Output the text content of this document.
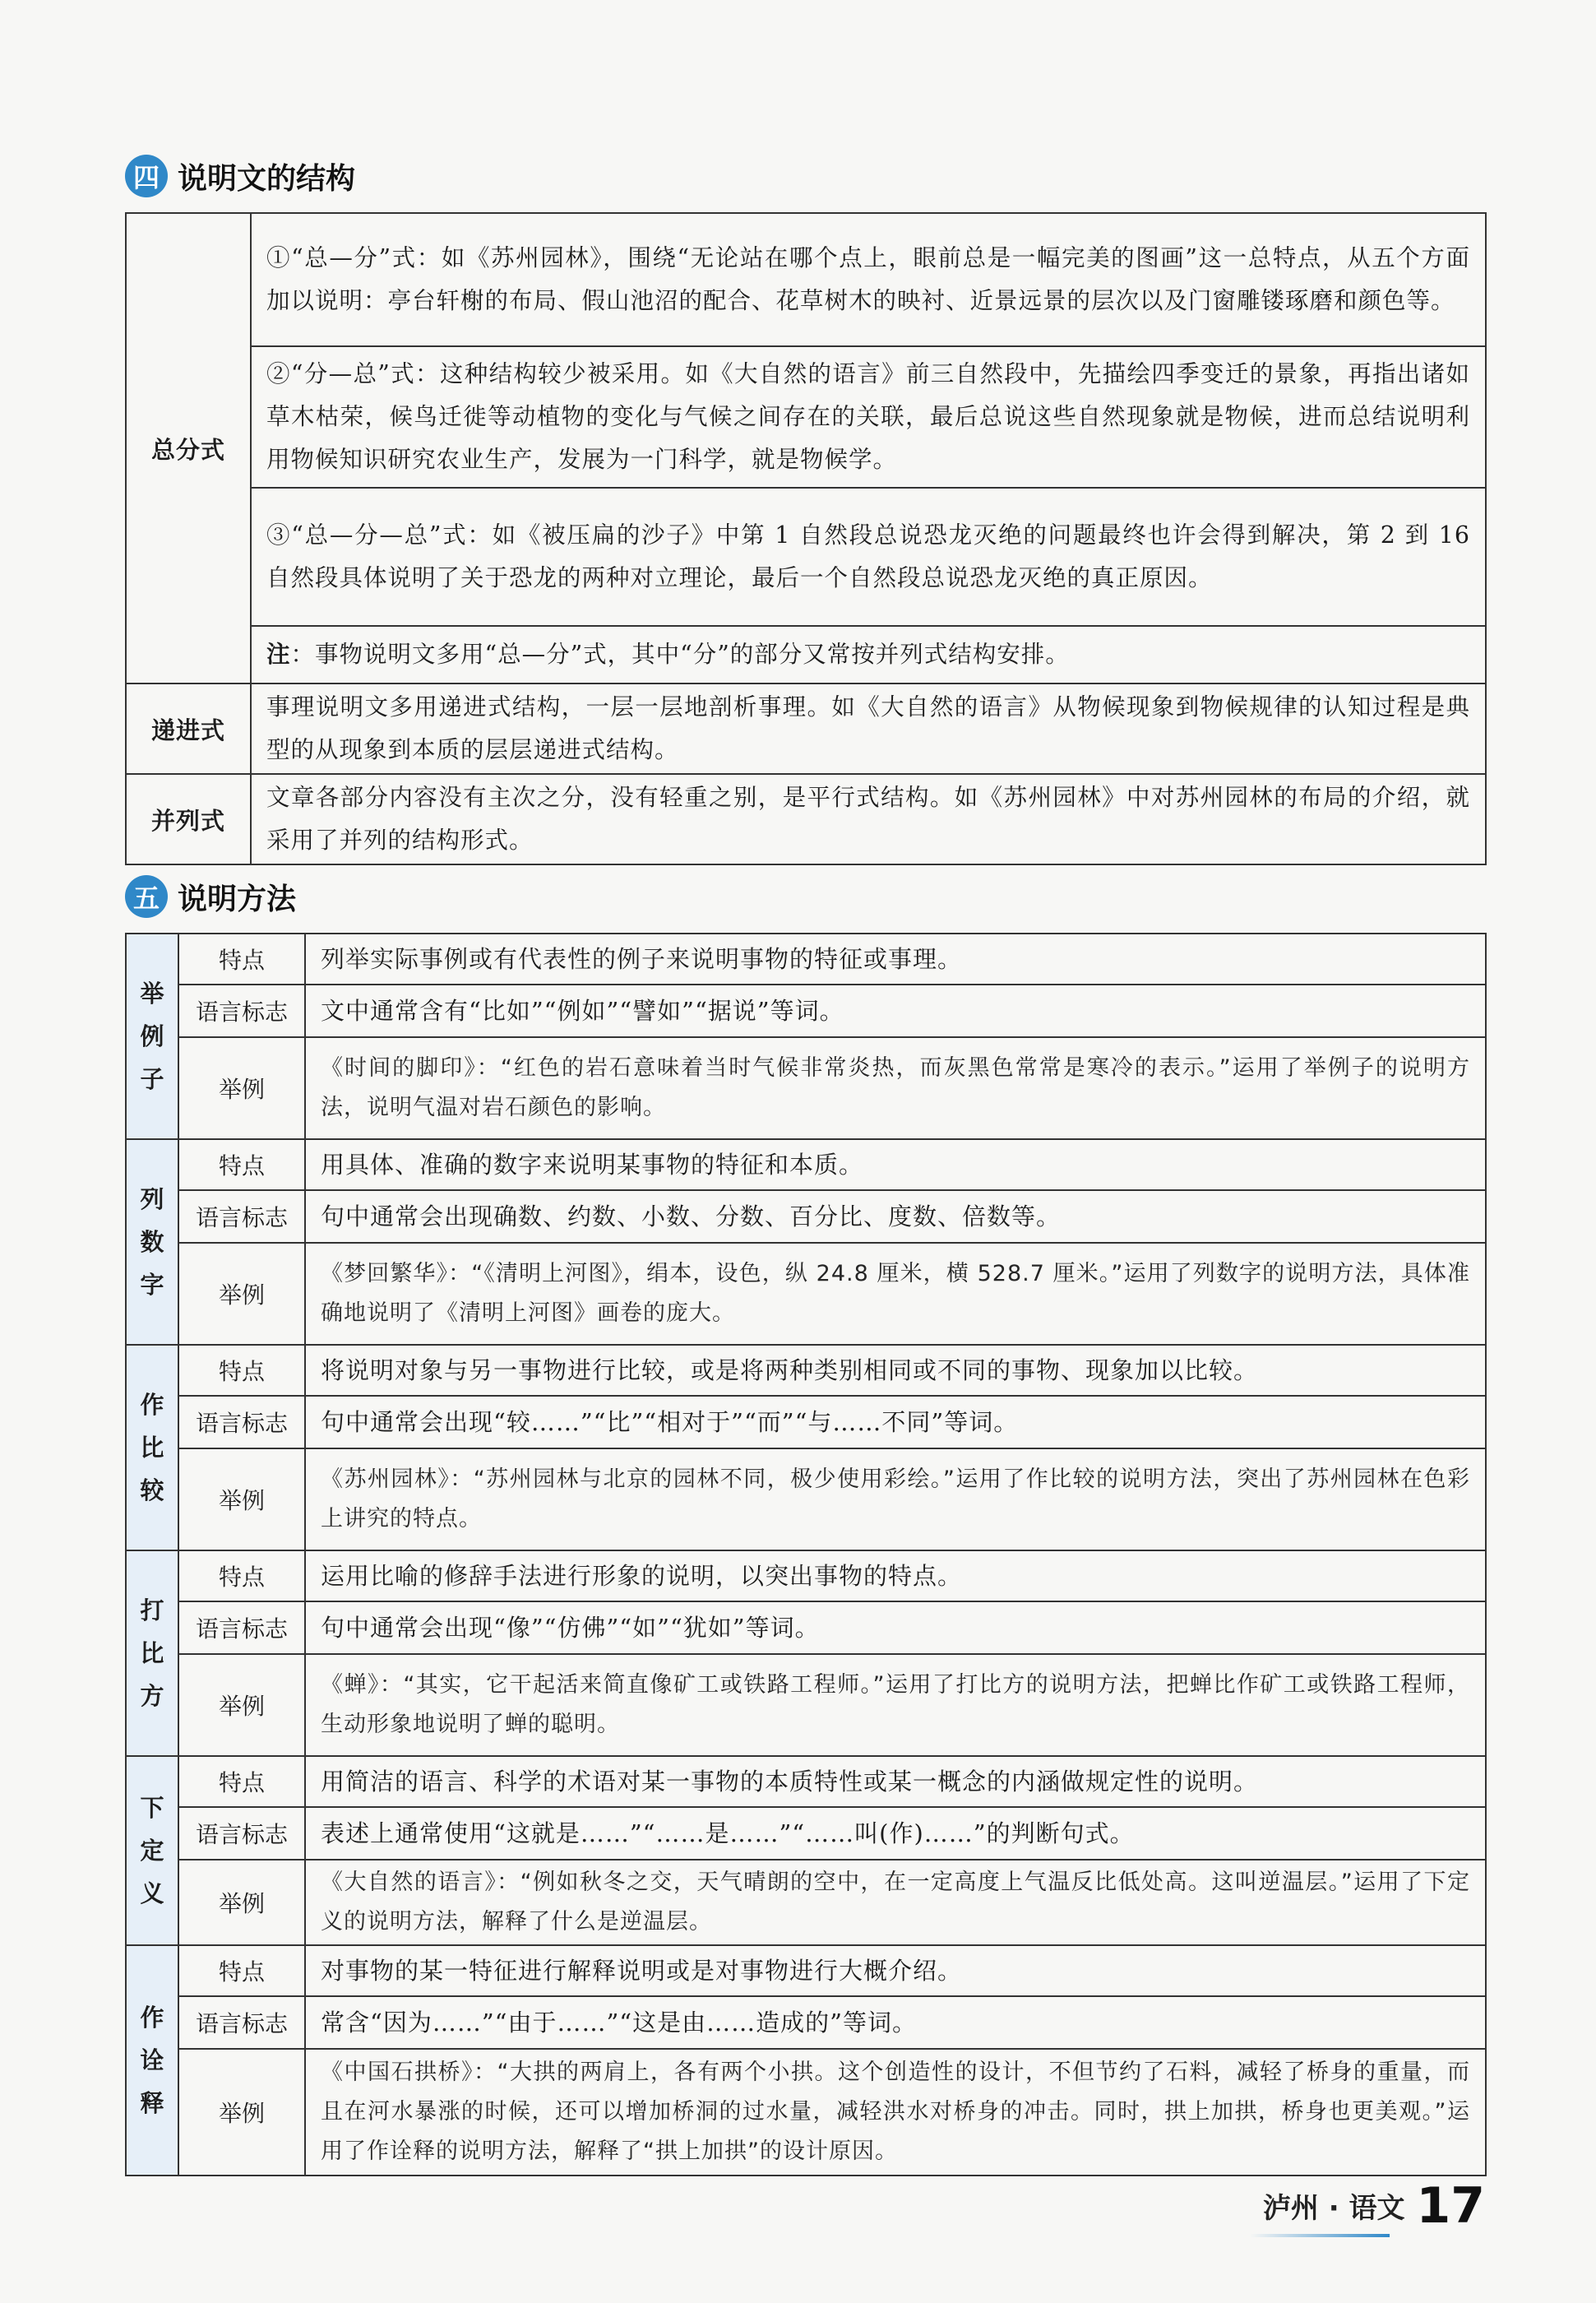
四 说明文的结构
总分式	①“总—分”式：如《苏州园林》，围绕“无论站在哪个点上，眼前总是一幅完美的图画”这一总特点，从五个方面加以说明：亭台轩榭的布局、假山池沼的配合、花草树木的映衬、近景远景的层次以及门窗雕镂琢磨和颜色等。
	②“分—总”式：这种结构较少被采用。如《大自然的语言》前三自然段中，先描绘四季变迁的景象，再指出诸如草木枯荣，候鸟迁徙等动植物的变化与气候之间存在的关联，最后总说这些自然现象就是物候，进而总结说明利用物候知识研究农业生产，发展为一门科学，就是物候学。
	③“总—分—总”式：如《被压扁的沙子》中第 1 自然段总说恐龙灭绝的问题最终也许会得到解决，第 2 到 16 自然段具体说明了关于恐龙的两种对立理论，最后一个自然段总说恐龙灭绝的真正原因。
	注：事物说明文多用“总—分”式，其中“分”的部分又常按并列式结构安排。
递进式	事理说明文多用递进式结构，一层一层地剖析事理。如《大自然的语言》从物候现象到物候规律的认知过程是典型的从现象到本质的层层递进式结构。
并列式	文章各部分内容没有主次之分，没有轻重之别，是平行式结构。如《苏州园林》中对苏州园林的布局的介绍，就采用了并列的结构形式。
五 说明方法
举
例
子	特点	列举实际事例或有代表性的例子来说明事物的特征或事理。
	语言标志	文中通常含有“比如”“例如”“譬如”“据说”等词。
	举例	《时间的脚印》：“红色的岩石意味着当时气候非常炎热，而灰黑色常常是寒冷的表示。”运用了举例子的说明方法，说明气温对岩石颜色的影响。

列
数
字	特点	用具体、准确的数字来说明某事物的特征和本质。
	语言标志	句中通常会出现确数、约数、小数、分数、百分比、度数、倍数等。
	举例	《梦回繁华》：“《清明上河图》，绢本，设色，纵 24.8 厘米，横 528.7 厘米。”运用了列数字的说明方法，具体准确地说明了《清明上河图》画卷的庞大。

作
比
较	特点	将说明对象与另一事物进行比较，或是将两种类别相同或不同的事物、现象加以比较。
	语言标志	句中通常会出现“较……”“比”“相对于”“而”“与……不同”等词。
	举例	《苏州园林》：“苏州园林与北京的园林不同，极少使用彩绘。”运用了作比较的说明方法，突出了苏州园林在色彩上讲究的特点。

打
比
方	特点	运用比喻的修辞手法进行形象的说明，以突出事物的特点。
	语言标志	句中通常会出现“像”“仿佛”“如”“犹如”等词。
	举例	《蝉》：“其实，它干起活来简直像矿工或铁路工程师。”运用了打比方的说明方法，把蝉比作矿工或铁路工程师，生动形象地说明了蝉的聪明。

下
定
义	特点	用简洁的语言、科学的术语对某一事物的本质特性或某一概念的内涵做规定性的说明。
	语言标志	表述上通常使用“这就是……”“……是……”“……叫(作)……”的判断句式。
	举例	《大自然的语言》：“例如秋冬之交，天气晴朗的空中，在一定高度上气温反比低处高。这叫逆温层。”运用了下定义的说明方法，解释了什么是逆温层。

作
诠
释	特点	对事物的某一特征进行解释说明或是对事物进行大概介绍。
	语言标志	常含“因为……”“由于……”“这是由……造成的”等词。
	举例	《中国石拱桥》：“大拱的两肩上，各有两个小拱。这个创造性的设计，不但节约了石料，减轻了桥身的重量，而且在河水暴涨的时候，还可以增加桥洞的过水量，减轻洪水对桥身的冲击。同时，拱上加拱，桥身也更美观。”运用了作诠释的说明方法，解释了“拱上加拱”的设计原因。
泸州 · 语文 17
